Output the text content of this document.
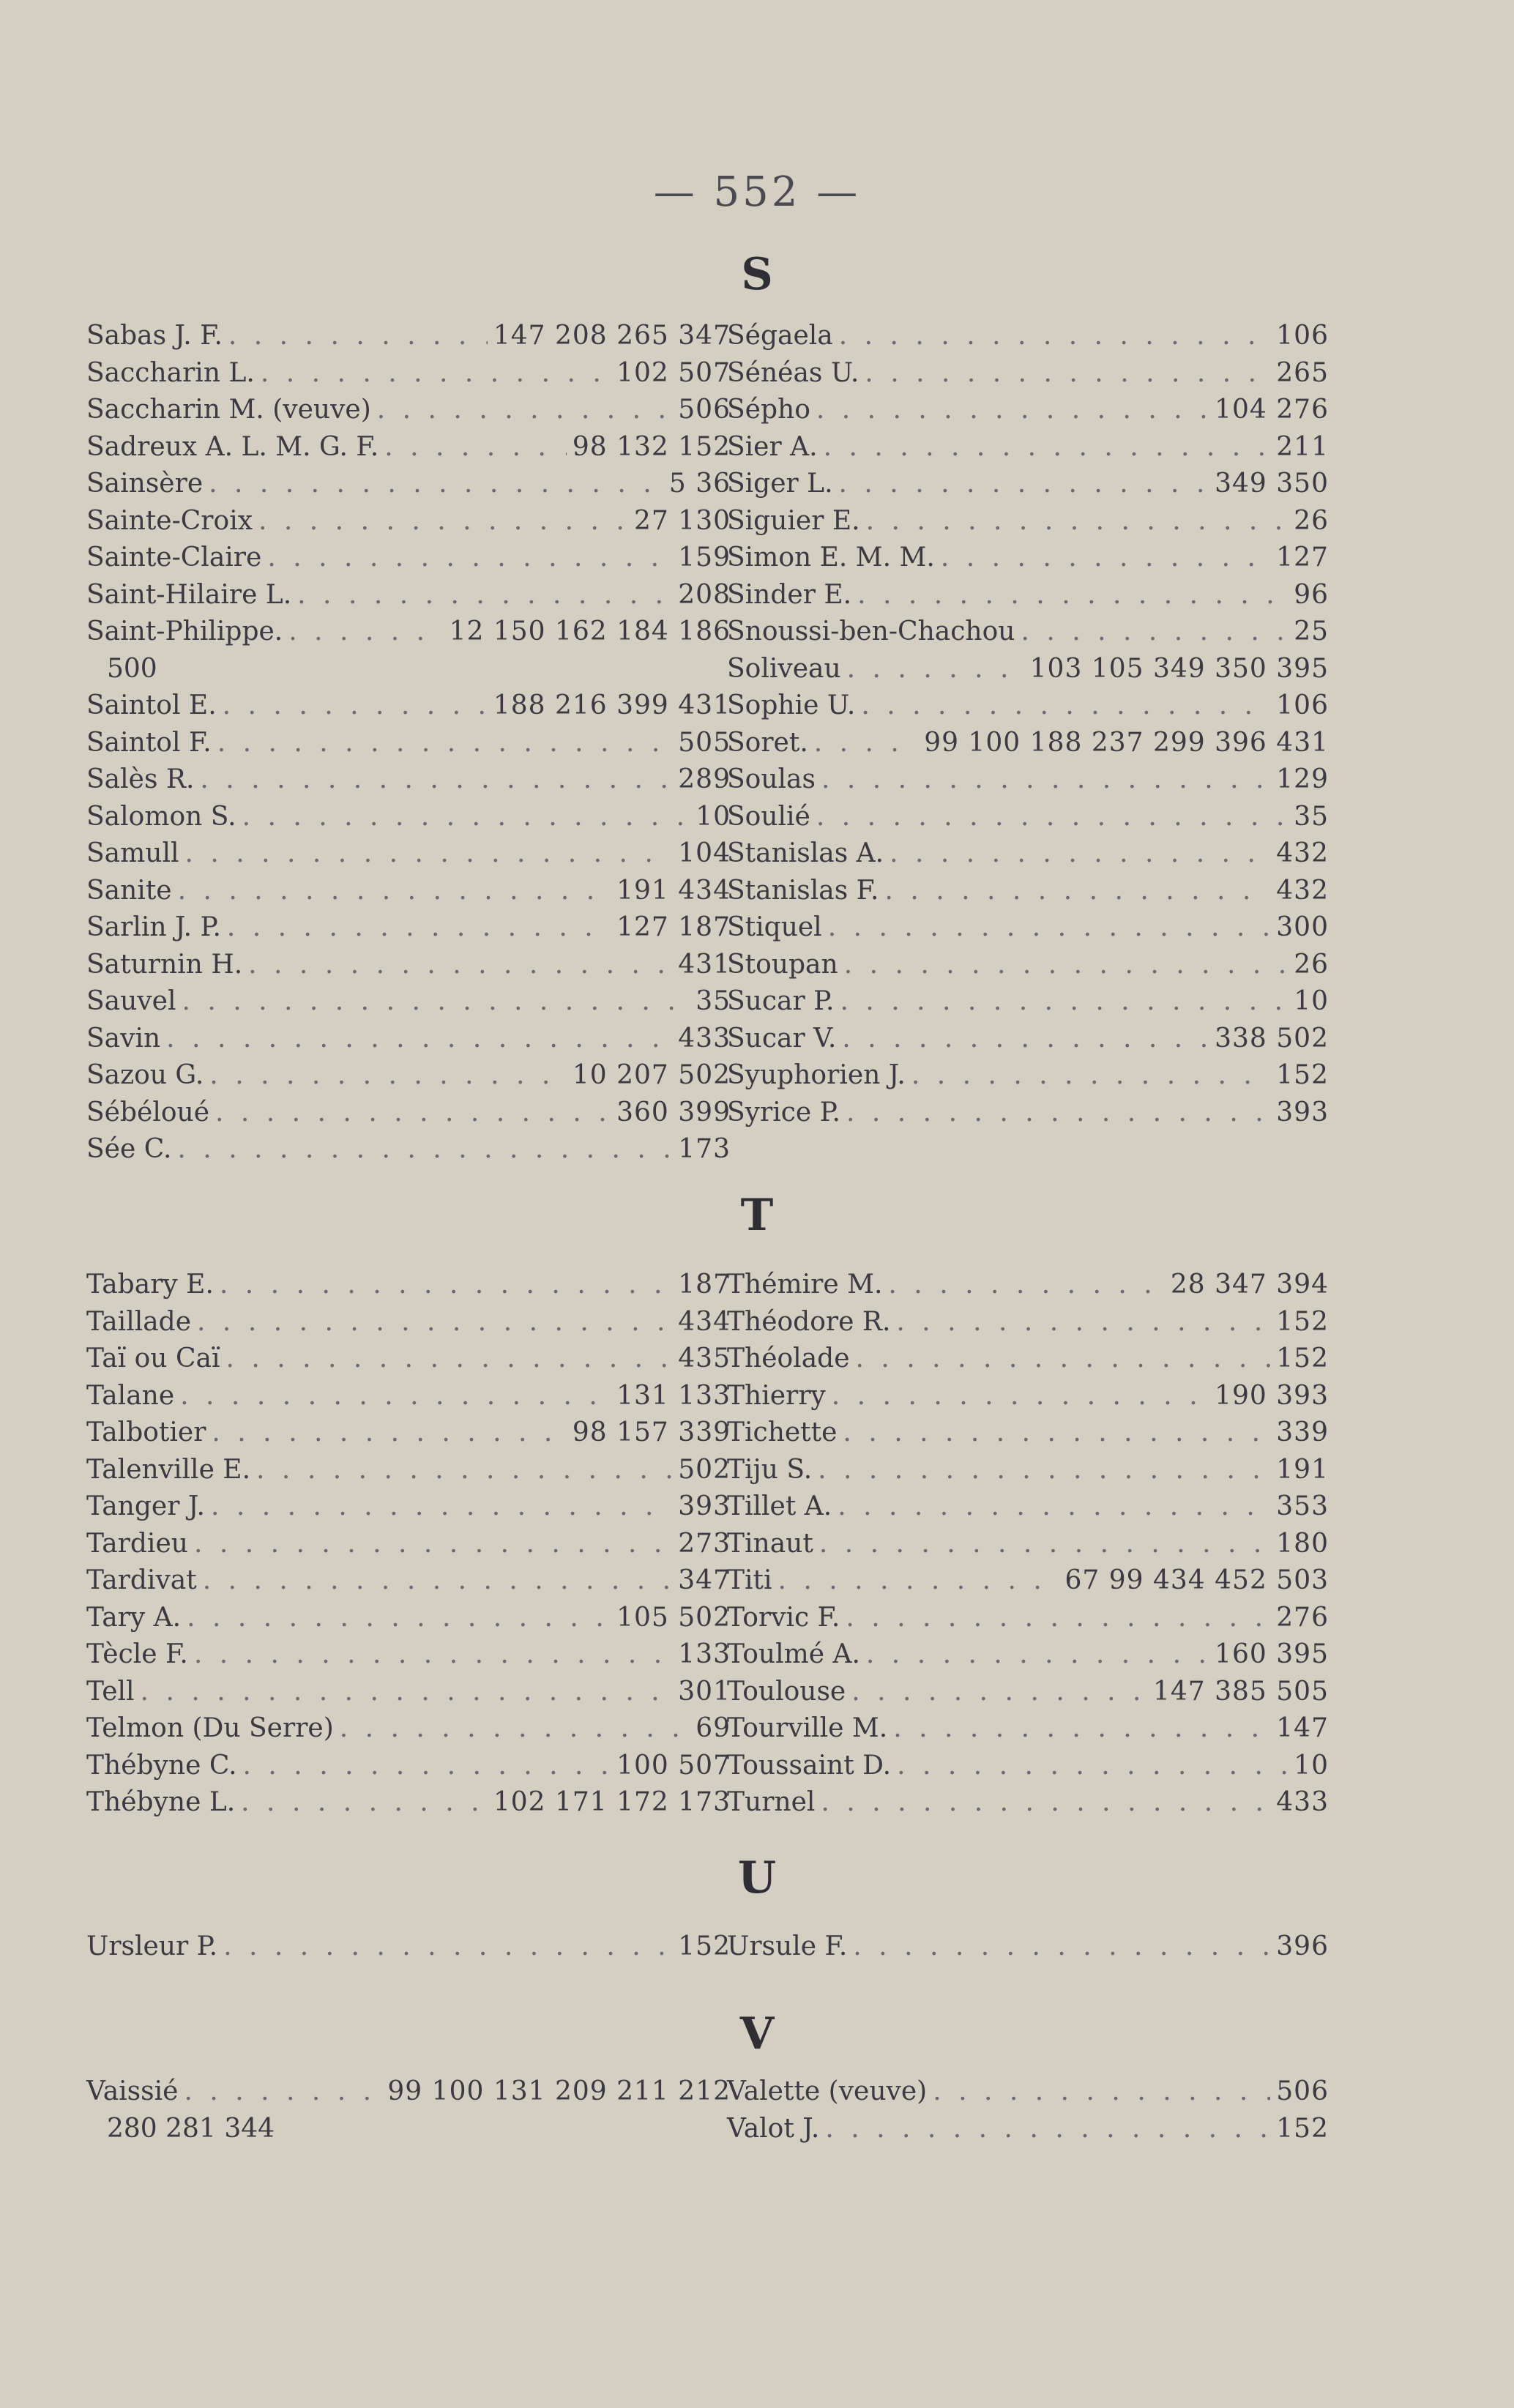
— 552 —
S
Sabas J. F. . . .	147 208 265 347
Saccharin L. . . .	102 507
Saccharin M. (veuve) . . .	506
Sadreux A. L. M. G. F. . . .	98 132 152
Sainsère . . .	5 36
Sainte-Croix . . .	27 130
Sainte-Claire . . .	159
Saint-Hilaire L. . . .	208
Saint-Philippe. . . .	12 150 162 184 186
500
Saintol E. . . .	188 216 399 431
Saintol F. . . .	505
Salès R. . . .	289
Salomon S. . . .	10
Samull . . .	104
Sanite . . .	191 434
Sarlin J. P. . . .	127 187
Saturnin H. . . .	431
Sauvel . . .	35
Savin . . .	433
Sazou G. . . .	10 207 502
Sébéloué . . .	360 399
Sée C. . . .	173
Ségaela . . .	106
Sénéas U. . . .	265
Sépho . . .	104 276
Sier A. . . .	211
Siger L. . . .	349 350
Siguier E. . . .	26
Simon E. M. M. . . .	127
Sinder E. . . .	96
Snoussi-ben-Chachou . . .	25
Soliveau . . .	103 105 349 350 395
Sophie U. . . .	106
Soret. . . .	99 100 188 237 299 396 431
Soulas . . .	129
Soulié . . .	35
Stanislas A. . . .	432
Stanislas F. . . .	432
Stiquel . . .	300
Stoupan . . .	26
Sucar P. . . .	10
Sucar V. . . .	338 502
Syuphorien J. . . .	152
Syrice P. . . .	393
T
Tabary E. . . .	187
Taillade . . .	434
Taï ou Caï . . .	435
Talane . . .	131 133
Talbotier . . .	98 157 339
Talenville E. . . .	502
Tanger J. . . .	393
Tardieu . . .	273
Tardivat . . .	347
Tary A. . . .	105 502
Tècle F. . . .	133
Tell . . .	301
Telmon (Du Serre) . . .	69
Thébyne C. . . .	100 507
Thébyne L. . . .	102 171 172 173
Thémire M. . . .	28 347 394
Théodore R. . . .	152
Théolade . . .	152
Thierry . . .	190 393
Tichette . . .	339
Tiju S. . . .	191
Tillet A. . . .	353
Tinaut . . .	180
Titi . . .	67 99 434 452 503
Torvic F. . . .	276
Toulmé A. . . .	160 395
Toulouse . . .	147 385 505
Tourville M. . . .	147
Toussaint D. . . .	10
Turnel . . .	433
U
Ursleur P. . . .	152
Ursule F. . . .	396
V
Vaissié . . .	99 100 131 209 211 212
280 281 344
Valette (veuve) . . .	506
Valot J. . . .	152
